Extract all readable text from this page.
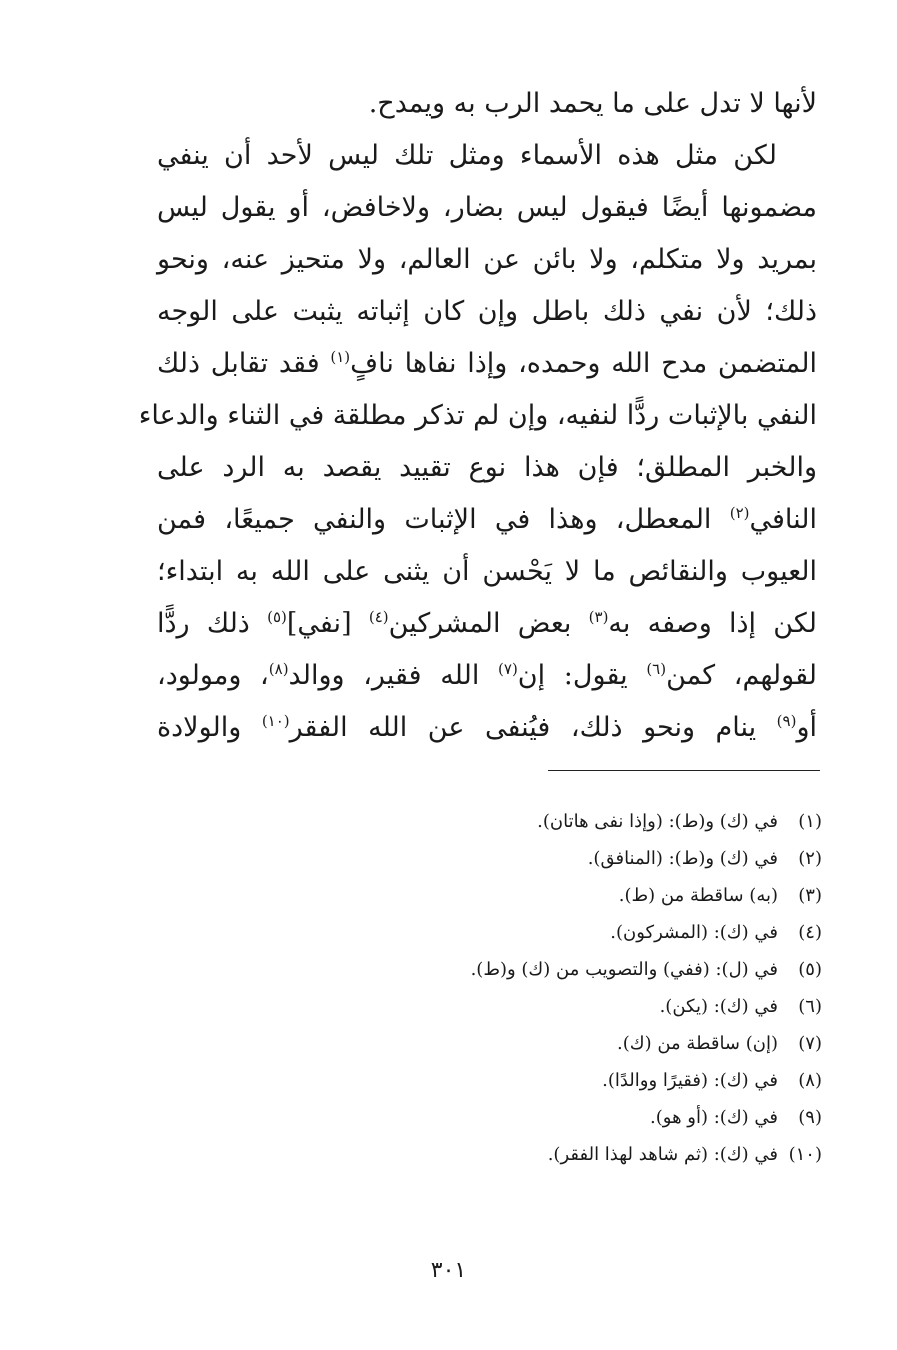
لأنها لا تدل على ما يحمد الرب به ويمدح.
لكن مثل هذه الأسماء ومثل تلك ليس لأحد أن ينفي
مضمونها أيضًا فيقول ليس بضار، ولاخافض، أو يقول ليس
بمريد ولا متكلم، ولا بائن عن العالم، ولا متحيز عنه، ونحو
ذلك؛ لأن نفي ذلك باطل وإن كان إثباته يثبت على الوجه
المتضمن مدح الله وحمده، وإذا نفاها نافٍ$^{(١)}$ فقد تقابل ذلك
النفي بالإثبات ردًّا لنفيه، وإن لم تذكر مطلقة في الثناء والدعاء
والخبر المطلق؛ فإن هذا نوع تقييد يقصد به الرد على
النافي$^{(٢)}$ المعطل، وهذا في الإثبات والنفي جميعًا، فمن
العيوب والنقائص ما لا يَحْسن أن يثنى على الله به ابتداء؛
لكن إذا وصفه به$^{(٣)}$ بعض المشركين$^{(٤)}$ [نفي]$^{(٥)}$ ذلك ردًّا
لقولهم، كمن$^{(٦)}$ يقول: إن$^{(٧)}$ الله فقير، ووالد$^{(٨)}$، ومولود،
أو$^{(٩)}$ ينام ونحو ذلك، فيُنفى عن الله الفقر$^{(١٠)}$ والولادة
(١)في (ك) و(ط): (وإذا نفى هاتان).
(٢)في (ك) و(ط): (المنافق).
(٣)(به) ساقطة من (ط).
(٤)في (ك): (المشركون).
(٥)في (ل): (ففي) والتصويب من (ك) و(ط).
(٦)في (ك): (يكن).
(٧)(إن) ساقطة من (ك).
(٨)في (ك): (فقيرًا ووالدًا).
(٩)في (ك): (أو هو).
(١٠)في (ك): (ثم شاهد لهذا الفقر).
٣٠١
